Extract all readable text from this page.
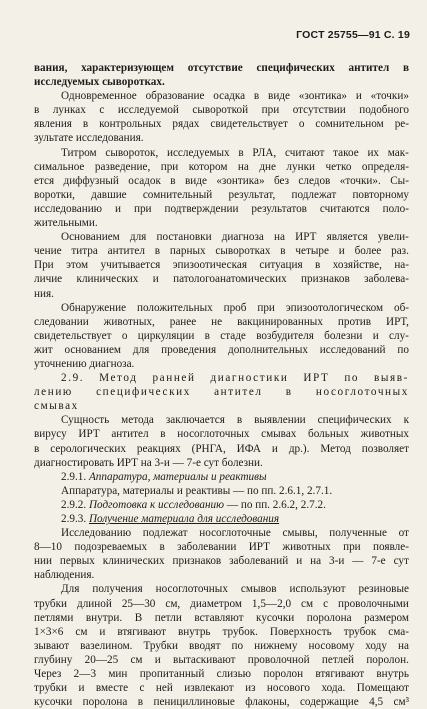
ГОСТ 25755—91 С. 19
вания, характеризующем отсутствие специфических антител в
исследуемых сыворотках.
Одновременное образование осадка в виде «зонтика» и «точки»
в лунках с исследуемой сывороткой при отсутствии подобного
явления в контрольных рядах свидетельствует о сомнительном ре-
зультате исследования.
Титром сывороток, исследуемых в РЛА, считают такое их мак-
симальное разведение, при котором на дне лунки четко определя-
ется диффузный осадок в виде «зонтика» без следов «точки». Сы-
воротки, давшие сомнительный результат, подлежат повторному
исследованию и при подтверждении результатов считаются поло-
жительными.
Основанием для постановки диагноза на ИРТ является увели-
чение титра антител в парных сыворотках в четыре и более раз.
При этом учитывается эпизоотическая ситуация в хозяйстве, на-
личие клинических и патологоанатомических признаков заболева-
ния.
Обнаружение положительных проб при эпизоотологическом об-
следовании животных, ранее не вакцинированных против ИРТ,
свидетельствует о циркуляции в стаде возбудителя болезни и слу-
жит основанием для проведения дополнительных исследований по
уточнению диагноза.
2.9. Метод ранней диагностики ИРТ по выяв-
лению специфических антител в носоглоточных
смывах
Сущность метода заключается в выявлении специфических к
вирусу ИРТ антител в носоглоточных смывах больных животных
в серологических реакциях (РНГА, ИФА и др.). Метод позволяет
диагностировать ИРТ на 3-и — 7-е сут болезни.
2.9.1. Аппаратура, материалы и реактивы
Аппаратура, материалы и реактивы — по пп. 2.6.1, 2.7.1.
2.9.2. Подготовка к исследованию — по пп. 2.6.2, 2.7.2.
2.9.3. Получение материала для исследования
Исследованию подлежат носоглоточные смывы, полученные от
8—10 подозреваемых в заболевании ИРТ животных при появле-
нии первых клинических признаков заболеваний и на 3-и — 7-е сут
наблюдения.
Для получения носоглоточных смывов используют резиновые
трубки длиной 25—30 см, диаметром 1,5—2,0 см с проволочными
петлями внутри. В петли вставляют кусочки поролона размером
1×3×6 см и втягивают внутрь трубок. Поверхность трубок сма-
зывают вазелином. Трубки вводят по нижнему носовому ходу на
глубину 20—25 см и вытаскивают проволочной петлей поролон.
Через 2—3 мин пропитанный слизью поролон втягивают внутрь
трубки и вместе с ней извлекают из носового хода. Помещают
кусочки поролона в пенициллиновые флаконы, содержащие 4,5 см³
